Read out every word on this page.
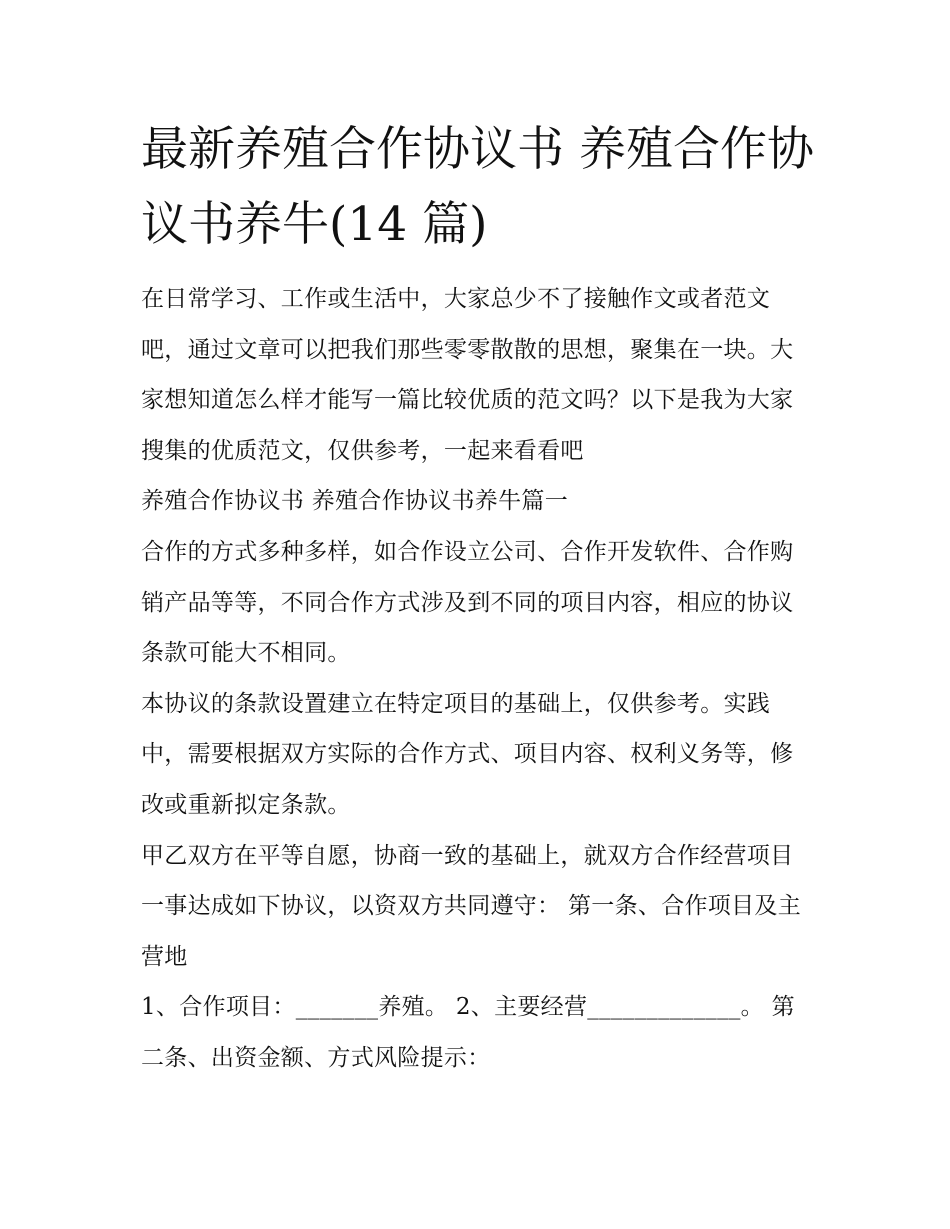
最新养殖合作协议书 养殖合作协议书养牛(14 篇)

在日常学习、工作或生活中，大家总少不了接触作文或者范文吧，通过文章可以把我们那些零零散散的思想，聚集在一块。大家想知道怎么样才能写一篇比较优质的范文吗？以下是我为大家搜集的优质范文，仅供参考，一起来看看吧

养殖合作协议书 养殖合作协议书养牛篇一

合作的方式多种多样，如合作设立公司、合作开发软件、合作购销产品等等，不同合作方式涉及到不同的项目内容，相应的协议条款可能大不相同。

本协议的条款设置建立在特定项目的基础上，仅供参考。实践中，需要根据双方实际的合作方式、项目内容、权利义务等，修改或重新拟定条款。

甲乙双方在平等自愿，协商一致的基础上，就双方合作经营项目一事达成如下协议，以资双方共同遵守： 第一条、合作项目及主营地

1、合作项目：_______养殖。 2、主要经营_____________。 第二条、出资金额、方式风险提示：
